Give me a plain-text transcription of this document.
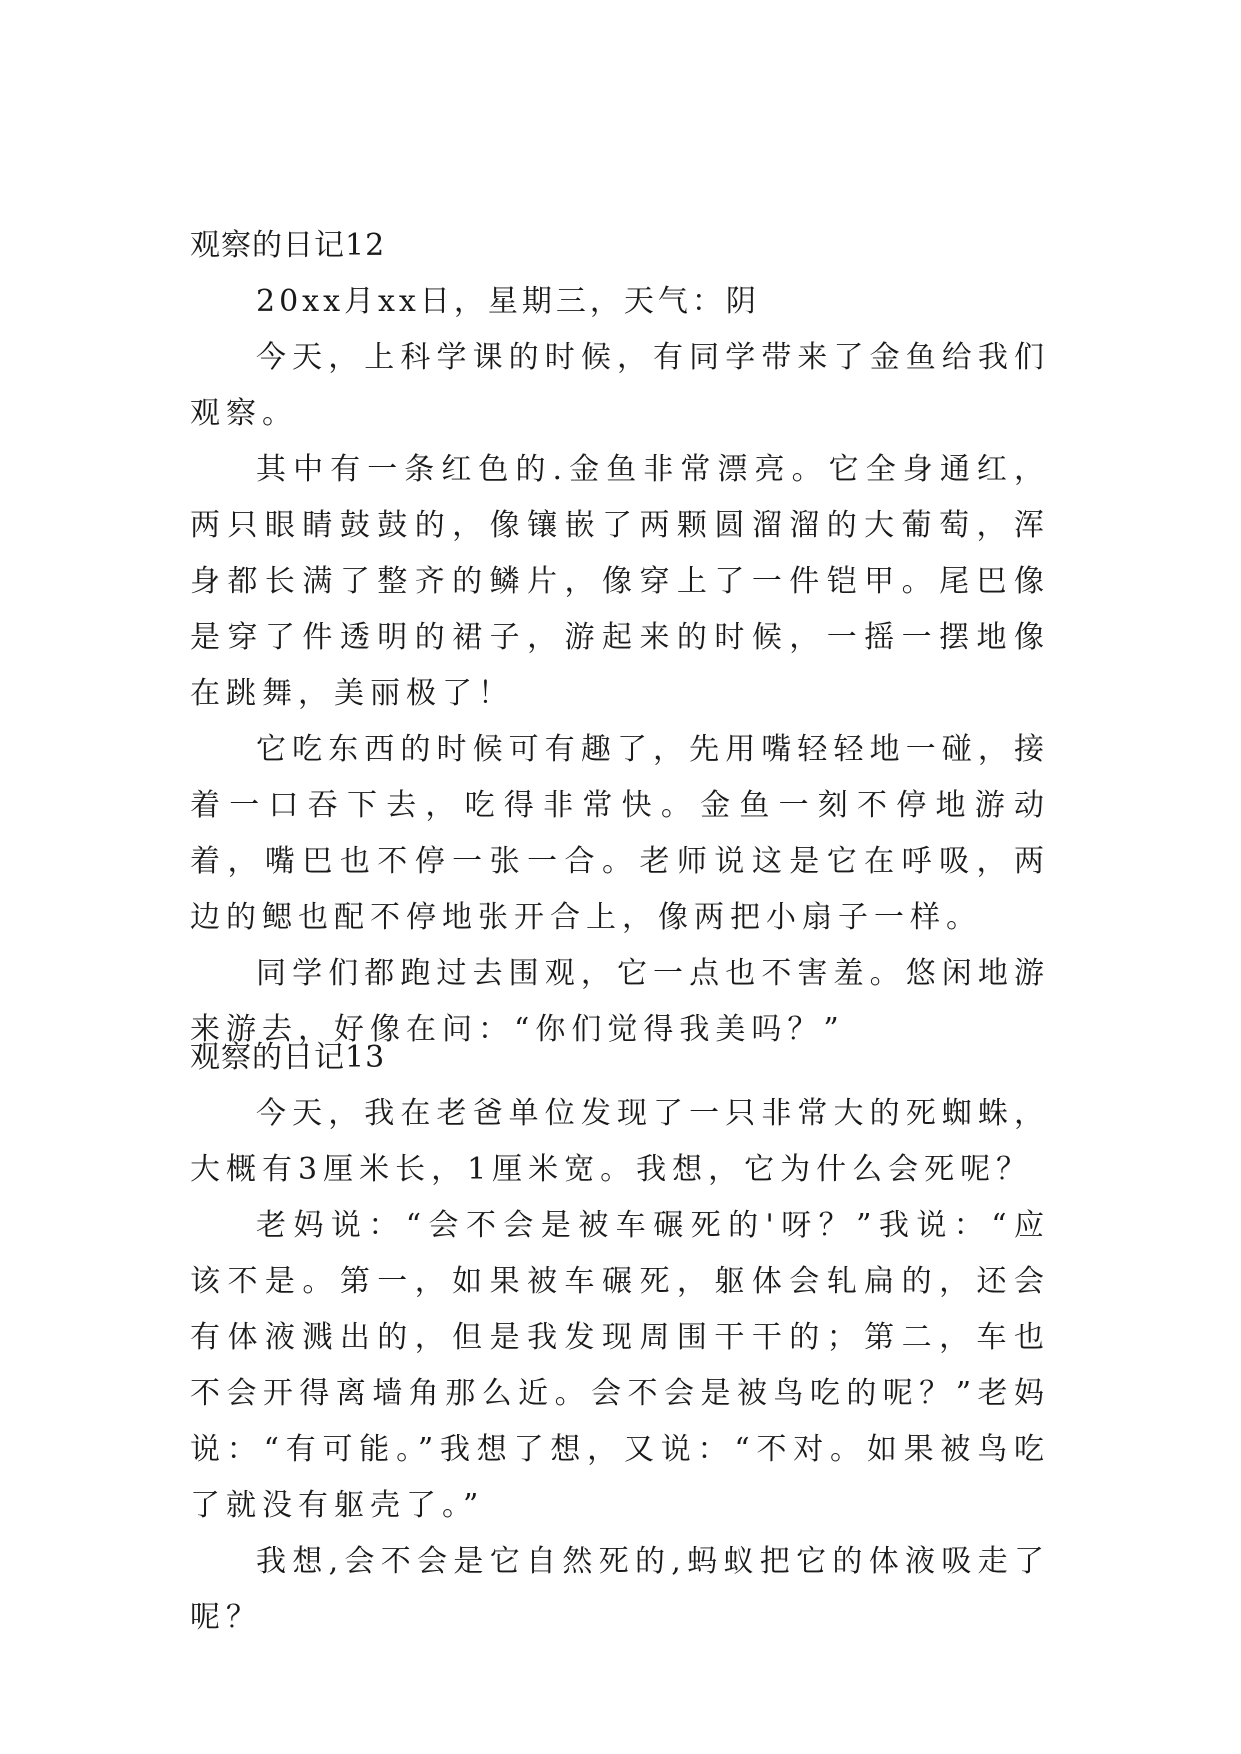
观察的日记12

20xx月xx日，星期三，天气：阴

今天，上科学课的时候，有同学带来了金鱼给我们观察。

其中有一条红色的.金鱼非常漂亮。它全身通红，两只眼睛鼓鼓的，像镶嵌了两颗圆溜溜的大葡萄，浑身都长满了整齐的鳞片，像穿上了一件铠甲。尾巴像是穿了件透明的裙子，游起来的时候，一摇一摆地像在跳舞，美丽极了！

它吃东西的时候可有趣了，先用嘴轻轻地一碰，接着一口吞下去，吃得非常快。金鱼一刻不停地游动着，嘴巴也不停一张一合。老师说这是它在呼吸，两边的鳃也配不停地张开合上，像两把小扇子一样。

同学们都跑过去围观，它一点也不害羞。悠闲地游来游去，好像在问：“你们觉得我美吗？”

观察的日记13

今天，我在老爸单位发现了一只非常大的死蜘蛛，大概有3厘米长，1厘米宽。我想，它为什么会死呢？

老妈说：“会不会是被车碾死的'呀？”我说：“应该不是。第一，如果被车碾死，躯体会轧扁的，还会有体液溅出的，但是我发现周围干干的；第二，车也不会开得离墙角那么近。会不会是被鸟吃的呢？”老妈说：“有可能。”我想了想，又说：“不对。如果被鸟吃了就没有躯壳了。”

我想,会不会是它自然死的,蚂蚁把它的体液吸走了呢？
